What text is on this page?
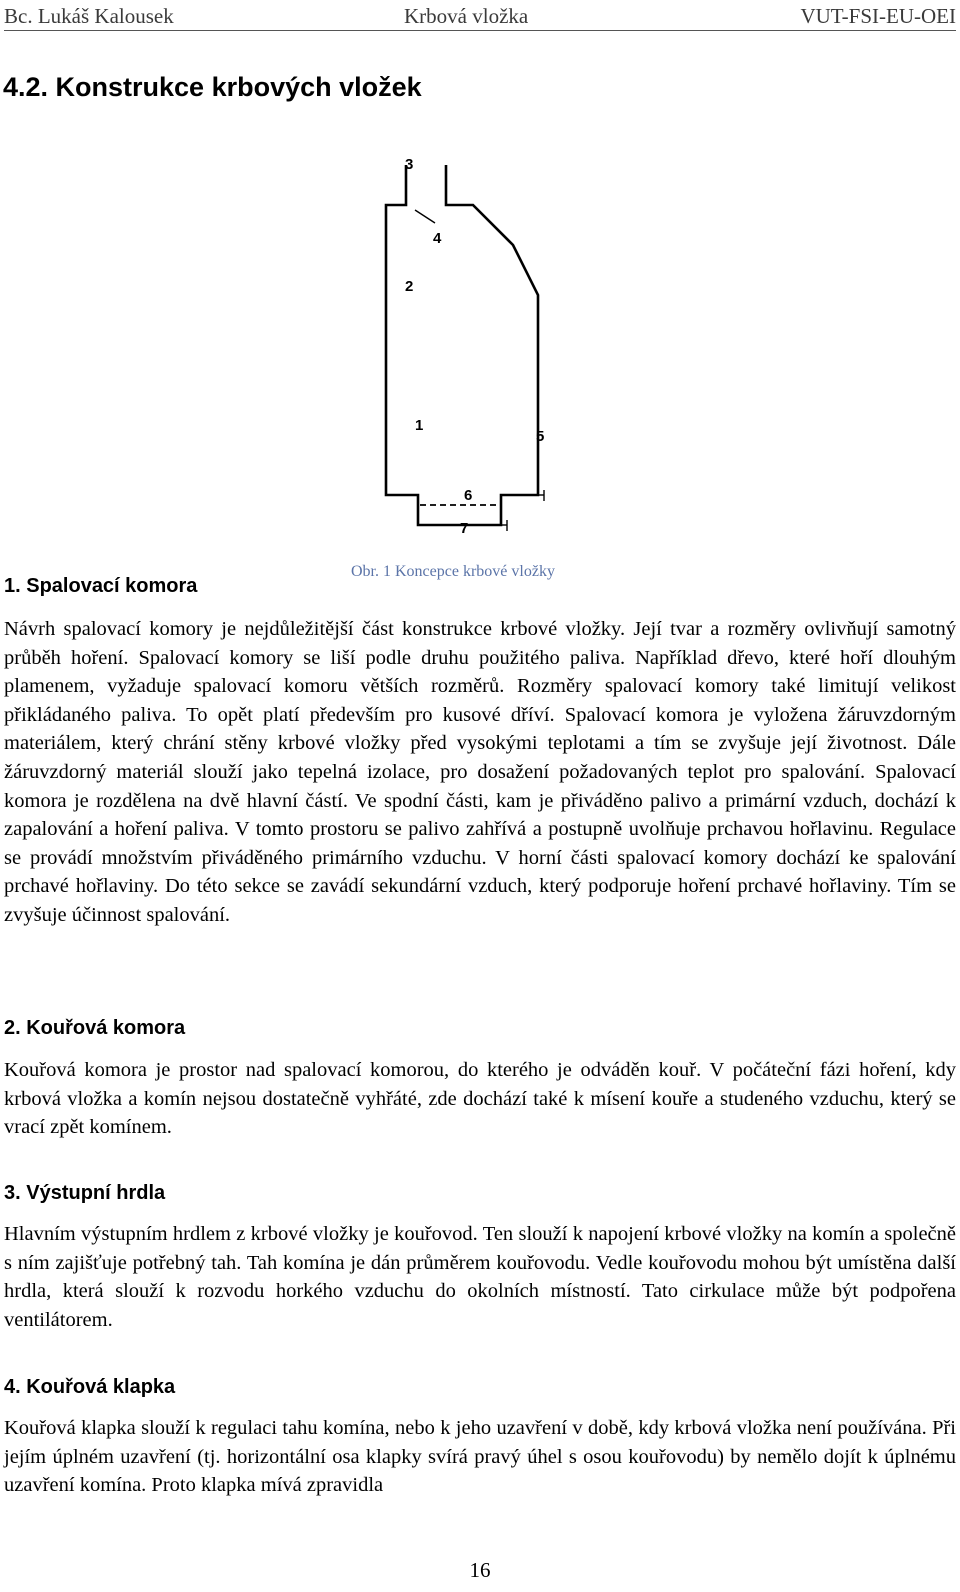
Bc. Lukáš Kalousek	Krbová vložka	VUT-FSI-EU-OEI
4.2. Konstrukce krbových vložek
3
4
2
1
5
6
7
Obr. 1 Koncepce krbové vložky
1. Spalovací komora

Návrh spalovací komory je nejdůležitější část konstrukce krbové vložky. Její tvar a rozměry ovlivňují samotný průběh hoření. Spalovací komory se liší podle druhu použitého paliva. Například dřevo, které hoří dlouhým plamenem, vyžaduje spalovací komoru větších rozměrů. Rozměry spalovací komory také limitují velikost přikládaného paliva. To opět platí především pro kusové dříví. Spalovací komora je vyložena žáruvzdorným materiálem, který chrání stěny krbové vložky před vysokými teplotami a tím se zvyšuje její životnost. Dále žáruvzdorný materiál slouží jako tepelná izolace, pro dosažení požadovaných teplot pro spalování. Spalovací komora je rozdělena na dvě hlavní částí. Ve spodní části, kam je přiváděno palivo a primární vzduch, dochází k zapalování a hoření paliva. V tomto prostoru se palivo zahřívá a postupně uvolňuje prchavou hořlavinu. Regulace se provádí množstvím přiváděného primárního vzduchu. V horní části spalovací komory dochází ke spalování prchavé hořlaviny. Do této sekce se zavádí sekundární vzduch, který podporuje hoření prchavé hořlaviny. Tím se zvyšuje účinnost spalování.

2. Kouřová komora

Kouřová komora je prostor nad spalovací komorou, do kterého je odváděn kouř. V počáteční fázi hoření, kdy krbová vložka a komín nejsou dostatečně vyhřáté, zde dochází také k mísení kouře a studeného vzduchu, který se vrací zpět komínem.

3. Výstupní hrdla

Hlavním výstupním hrdlem z krbové vložky je kouřovod. Ten slouží k napojení krbové vložky na komín a společně s ním zajišťuje potřebný tah. Tah komína je dán průměrem kouřovodu. Vedle kouřovodu mohou být umístěna další hrdla, která slouží k rozvodu horkého vzduchu do okolních místností. Tato cirkulace může být podpořena ventilátorem.

4. Kouřová klapka

Kouřová klapka slouží k regulaci tahu komína, nebo k jeho uzavření v době, kdy krbová vložka není používána. Při jejím úplném uzavření (tj. horizontální osa klapky svírá pravý úhel s osou kouřovodu) by nemělo dojít k úplnému uzavření komína. Proto klapka mívá zpravidla

16
